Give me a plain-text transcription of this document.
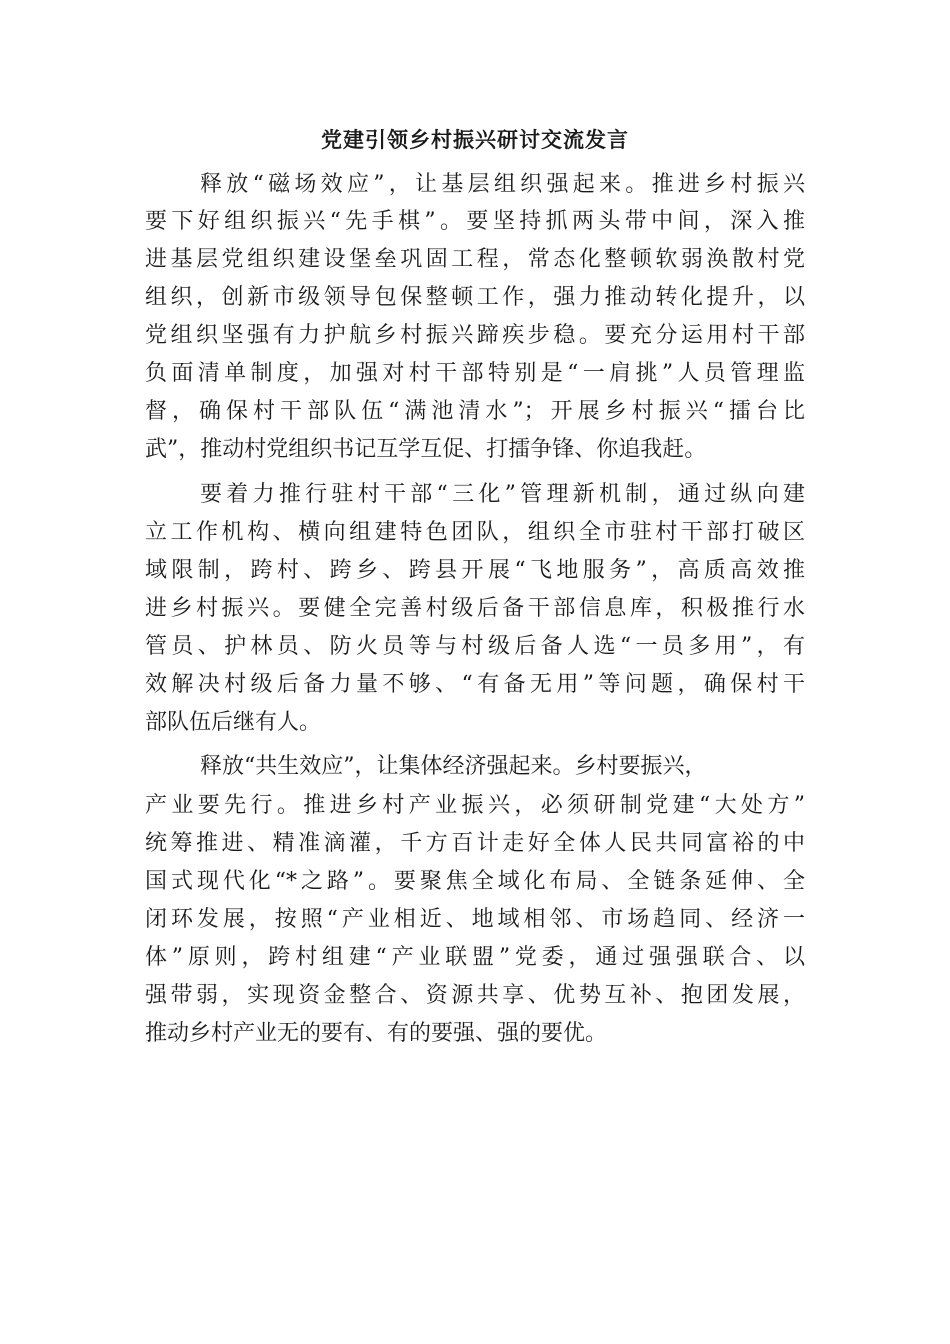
党建引领乡村振兴研讨交流发言

释放“磁场效应”，让基层组织强起来。推进乡村振兴

要下好组织振兴“先手棋”。要坚持抓两头带中间，深入推

进基层党组织建设堡垒巩固工程，常态化整顿软弱涣散村党

组织，创新市级领导包保整顿工作，强力推动转化提升，以

党组织坚强有力护航乡村振兴蹄疾步稳。要充分运用村干部

负面清单制度，加强对村干部特别是“一肩挑”人员管理监

督，确保村干部队伍“满池清水”；开展乡村振兴“擂台比

武”，推动村党组织书记互学互促、打擂争锋、你追我赶。

要着力推行驻村干部“三化”管理新机制，通过纵向建

立工作机构、横向组建特色团队，组织全市驻村干部打破区

域限制，跨村、跨乡、跨县开展“飞地服务”，高质高效推

进乡村振兴。要健全完善村级后备干部信息库，积极推行水

管员、护林员、防火员等与村级后备人选“一员多用”，有

效解决村级后备力量不够、“有备无用”等问题，确保村干

部队伍后继有人。

释放“共生效应”，让集体经济强起来。乡村要振兴，

产业要先行。推进乡村产业振兴，必须研制党建“大处方”

统筹推进、精准滴灌，千方百计走好全体人民共同富裕的中

国式现代化“*之路”。要聚焦全域化布局、全链条延伸、全

闭环发展，按照“产业相近、地域相邻、市场趋同、经济一

体”原则，跨村组建“产业联盟”党委，通过强强联合、以

强带弱，实现资金整合、资源共享、优势互补、抱团发展，

推动乡村产业无的要有、有的要强、强的要优。
